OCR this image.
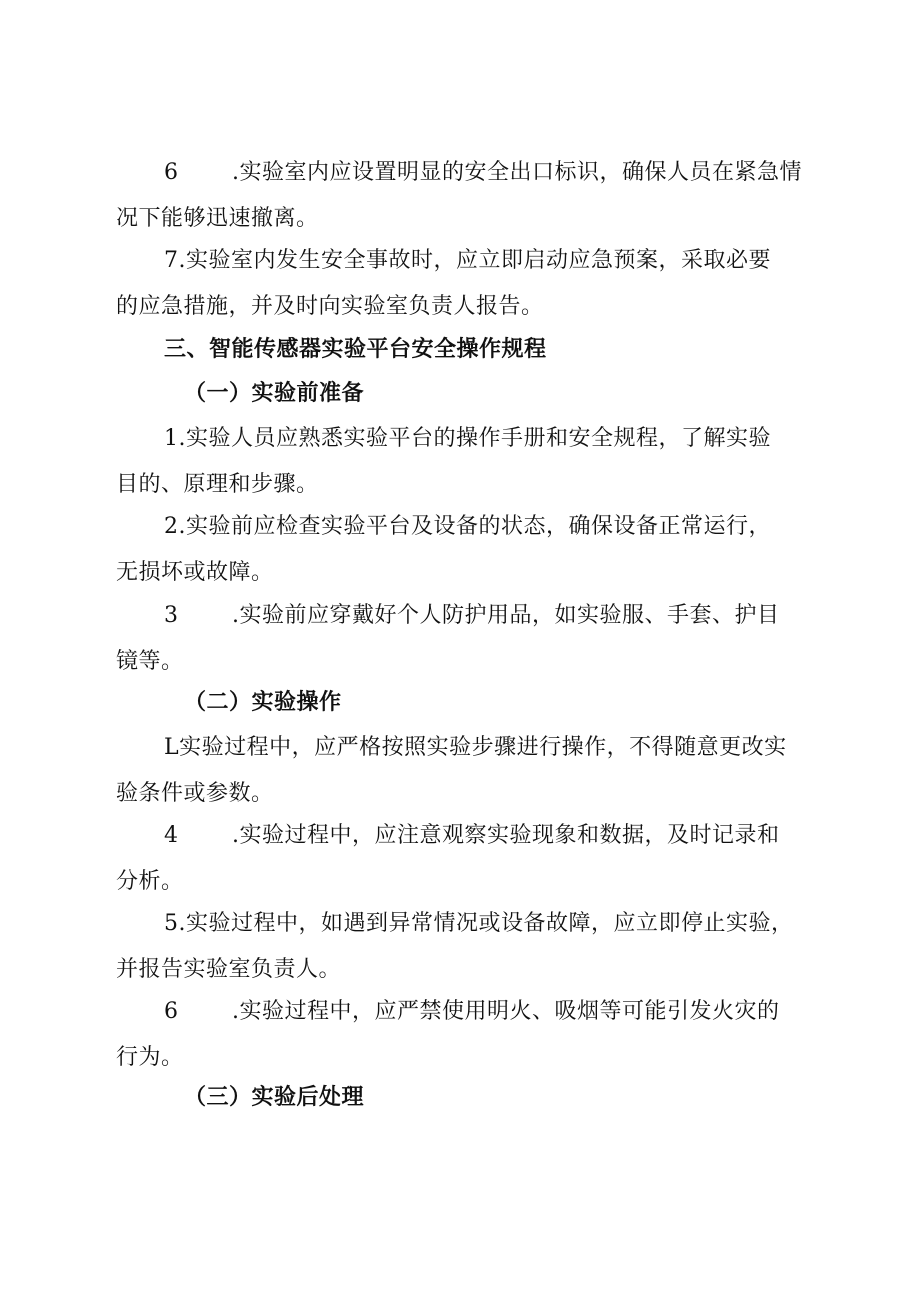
6 .实验室内应设置明显的安全出口标识，确保人员在紧急情
况下能够迅速撤离。
7.实验室内发生安全事故时，应立即启动应急预案，采取必要
的应急措施，并及时向实验室负责人报告。
三、智能传感器实验平台安全操作规程
（一）实验前准备
1.实验人员应熟悉实验平台的操作手册和安全规程，了解实验
目的、原理和步骤。
2.实验前应检查实验平台及设备的状态，确保设备正常运行，
无损坏或故障。
3 .实验前应穿戴好个人防护用品，如实验服、手套、护目
镜等。
（二）实验操作
L实验过程中，应严格按照实验步骤进行操作，不得随意更改实
验条件或参数。
4 .实验过程中，应注意观察实验现象和数据，及时记录和
分析。
5.实验过程中，如遇到异常情况或设备故障，应立即停止实验，
并报告实验室负责人。
6 .实验过程中，应严禁使用明火、吸烟等可能引发火灾的
行为。
（三）实验后处理
